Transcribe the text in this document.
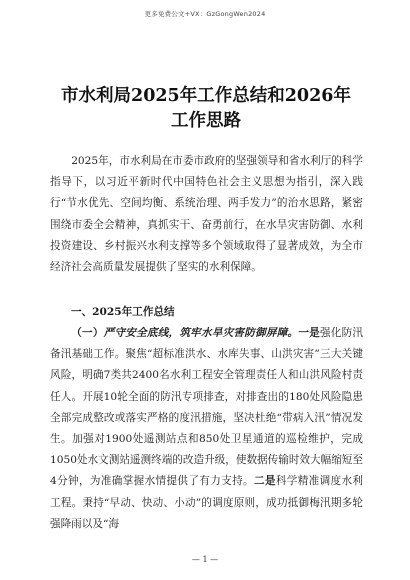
更多免费公文+VX：GzGongWen2024
市水利局2025年工作总结和2026年工作思路
2025年，市水利局在市委市政府的坚强领导和省水利厅的科学指导下，以习近平新时代中国特色社会主义思想为指引，深入践行“节水优先、空间均衡、系统治理、两手发力”的治水思路，紧密围绕市委全会精神，真抓实干、奋勇前行，在水旱灾害防御、水利投资建设、乡村振兴水利支撑等多个领域取得了显著成效，为全市经济社会高质量发展提供了坚实的水利保障。
一、2025年工作总结
（一）严守安全底线，筑牢水旱灾害防御屏障。一是强化防汛备汛基础工作。聚焦“超标准洪水、水库失事、山洪灾害”三大关键风险，明确7类共2400名水利工程安全管理责任人和山洪风险村责任人。开展10轮全面的防汛专项排查，对排查出的180处风险隐患全部完成整改或落实严格的度汛措施，坚决杜绝“带病入汛”情况发生。加强对1900处遥测站点和850处卫星通道的巡检维护，完成1050处水文测站遥测终端的改造升级，使数据传输时效大幅缩短至4分钟，为准确掌握水情提供了有力支持。二是科学精准调度水利工程。秉持“早动、快动、小动”的调度原则，成功抵御梅汛期多轮强降雨以及“海
— 1 —
